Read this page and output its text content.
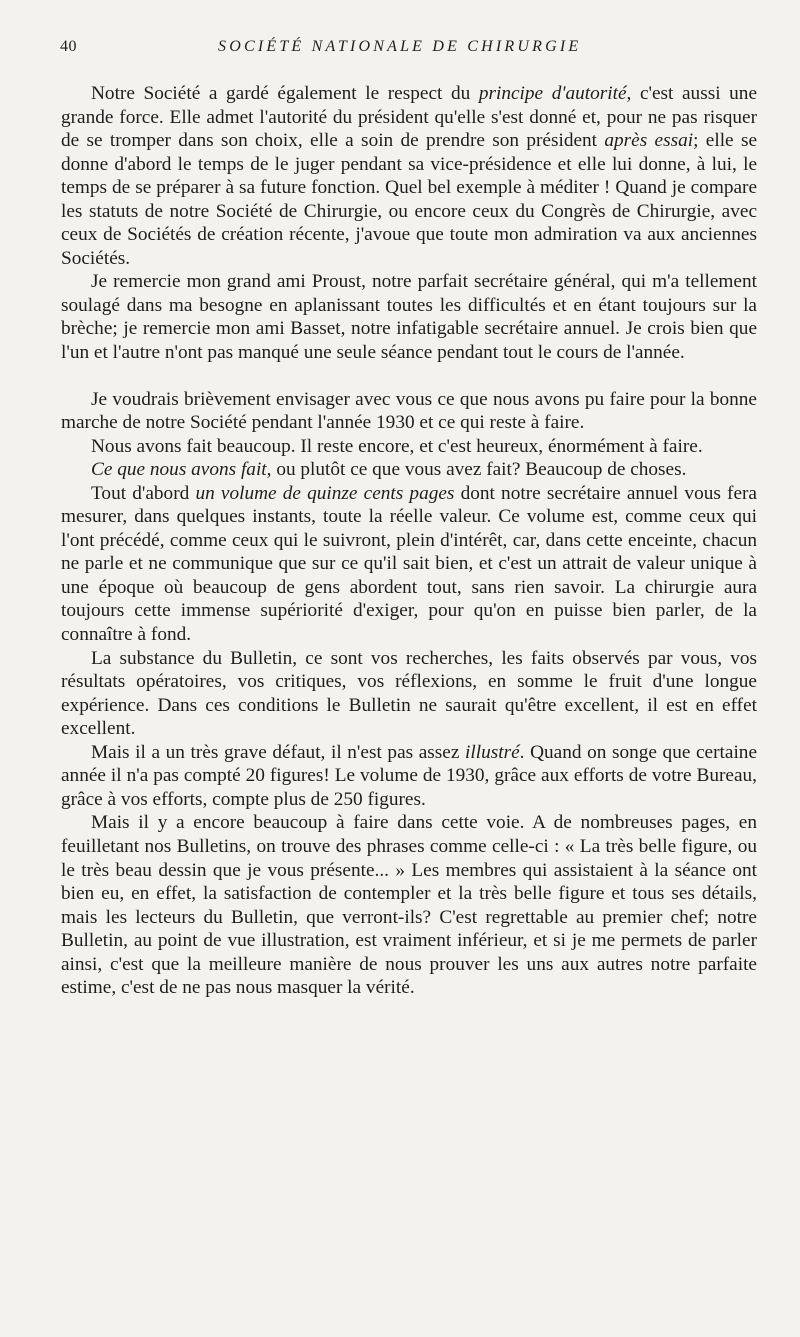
40	SOCIÉTÉ NATIONALE DE CHIRURGIE

Notre Société a gardé également le respect du principe d'autorité, c'est aussi une grande force. Elle admet l'autorité du président qu'elle s'est donné et, pour ne pas risquer de se tromper dans son choix, elle a soin de prendre son président après essai; elle se donne d'abord le temps de le juger pendant sa vice-présidence et elle lui donne, à lui, le temps de se préparer à sa future fonction. Quel bel exemple à méditer ! Quand je compare les statuts de notre Société de Chirurgie, ou encore ceux du Congrès de Chirurgie, avec ceux de Sociétés de création récente, j'avoue que toute mon admiration va aux anciennes Sociétés.

Je remercie mon grand ami Proust, notre parfait secrétaire général, qui m'a tellement soulagé dans ma besogne en aplanissant toutes les difficultés et en étant toujours sur la brèche; je remercie mon ami Basset, notre infatigable secrétaire annuel. Je crois bien que l'un et l'autre n'ont pas manqué une seule séance pendant tout le cours de l'année.

Je voudrais brièvement envisager avec vous ce que nous avons pu faire pour la bonne marche de notre Société pendant l'année 1930 et ce qui reste à faire.

Nous avons fait beaucoup. Il reste encore, et c'est heureux, énormément à faire.

Ce que nous avons fait, ou plutôt ce que vous avez fait? Beaucoup de choses.

Tout d'abord un volume de quinze cents pages dont notre secrétaire annuel vous fera mesurer, dans quelques instants, toute la réelle valeur. Ce volume est, comme ceux qui l'ont précédé, comme ceux qui le suivront, plein d'intérêt, car, dans cette enceinte, chacun ne parle et ne communique que sur ce qu'il sait bien, et c'est un attrait de valeur unique à une époque où beaucoup de gens abordent tout, sans rien savoir. La chirurgie aura toujours cette immense supériorité d'exiger, pour qu'on en puisse bien parler, de la connaître à fond.

La substance du Bulletin, ce sont vos recherches, les faits observés par vous, vos résultats opératoires, vos critiques, vos réflexions, en somme le fruit d'une longue expérience. Dans ces conditions le Bulletin ne saurait qu'être excellent, il est en effet excellent.

Mais il a un très grave défaut, il n'est pas assez illustré. Quand on songe que certaine année il n'a pas compté 20 figures! Le volume de 1930, grâce aux efforts de votre Bureau, grâce à vos efforts, compte plus de 250 figures.

Mais il y a encore beaucoup à faire dans cette voie. A de nombreuses pages, en feuilletant nos Bulletins, on trouve des phrases comme celle-ci : « La très belle figure, ou le très beau dessin que je vous présente... » Les membres qui assistaient à la séance ont bien eu, en effet, la satisfaction de contempler et la très belle figure et tous ses détails, mais les lecteurs du Bulletin, que verront-ils? C'est regrettable au premier chef; notre Bulletin, au point de vue illustration, est vraiment inférieur, et si je me permets de parler ainsi, c'est que la meilleure manière de nous prouver les uns aux autres notre parfaite estime, c'est de ne pas nous masquer la vérité.
